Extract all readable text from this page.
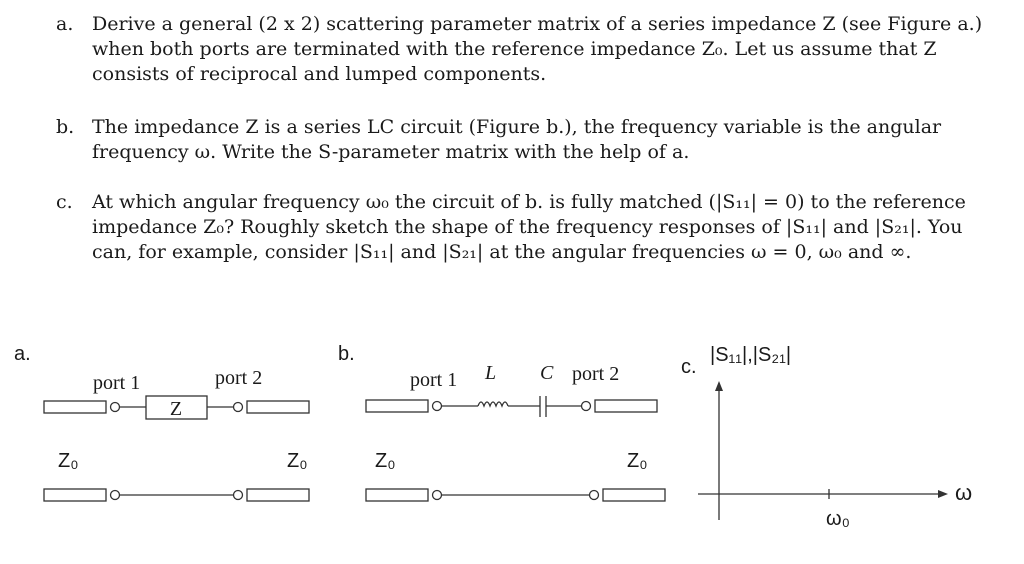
a. Derive a general (2 x 2) scattering parameter matrix of a series impedance Z (see Figure a.) when both ports are terminated with the reference impedance Z₀. Let us assume that Z consists of reciprocal and lumped components.
b. The impedance Z is a series LC circuit (Figure b.), the frequency variable is the angular frequency ω. Write the S-parameter matrix with the help of a.
c.	At which angular frequency ω₀ the circuit of b. is fully matched (|S₁₁| = 0) to the reference impedance Z₀? Roughly sketch the shape of the frequency responses of |S₁₁| and |S₂₁|. You can, for example, consider |S₁₁| and |S₂₁| at the angular frequencies ω = 0, ω₀ and ∞.
a.
port 1	port 2
Z
Z₀	Z₀
b.
port 1 L C port 2
Z₀	Z₀
c.
|S₁₁|,|S₂₁|
ω
ω₀
